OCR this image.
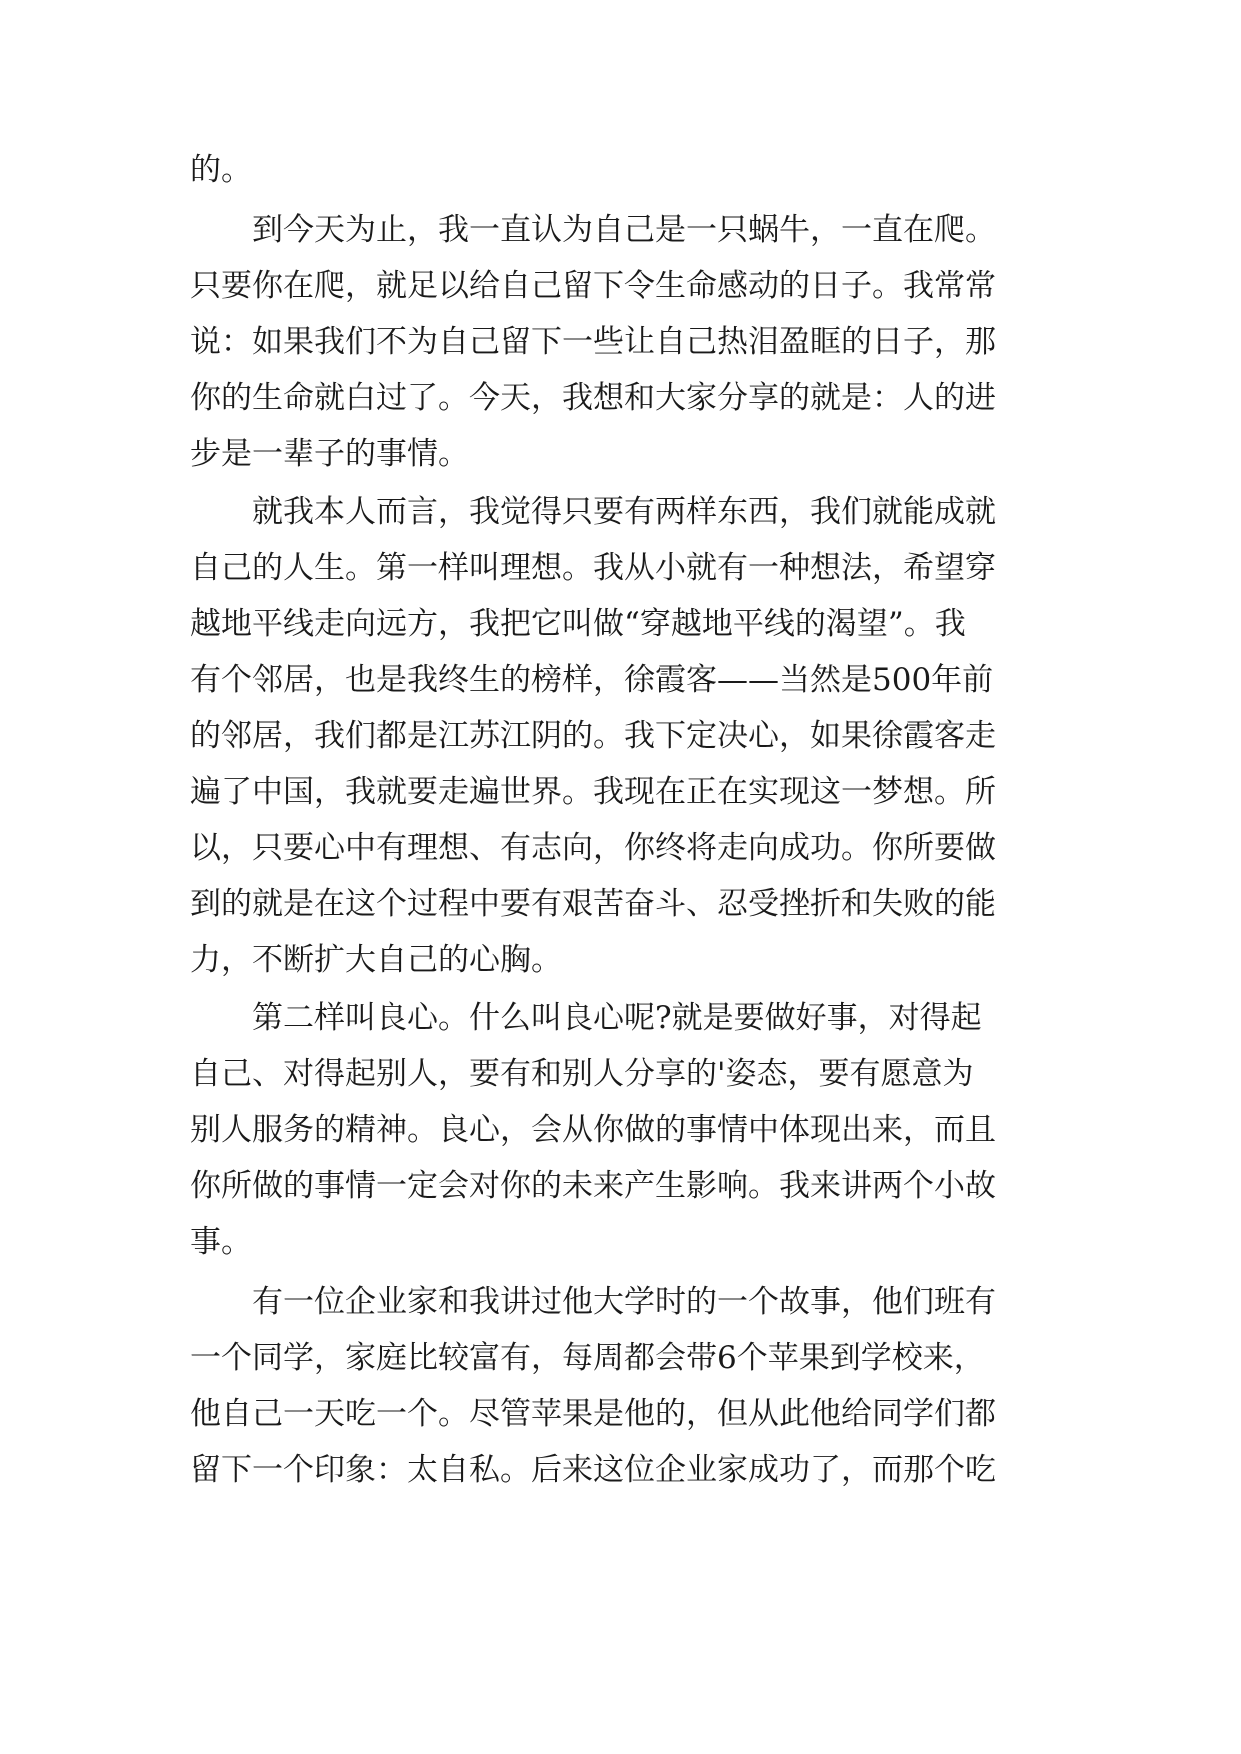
的。
到今天为止，我一直认为自己是一只蜗牛，一直在爬。
只要你在爬，就足以给自己留下令生命感动的日子。我常常
说：如果我们不为自己留下一些让自己热泪盈眶的日子，那
你的生命就白过了。今天，我想和大家分享的就是：人的进
步是一辈子的事情。
就我本人而言，我觉得只要有两样东西，我们就能成就
自己的人生。第一样叫理想。我从小就有一种想法，希望穿
越地平线走向远方，我把它叫做“穿越地平线的渴望”。我
有个邻居，也是我终生的榜样，徐霞客——当然是500年前
的邻居，我们都是江苏江阴的。我下定决心，如果徐霞客走
遍了中国，我就要走遍世界。我现在正在实现这一梦想。所
以，只要心中有理想、有志向，你终将走向成功。你所要做
到的就是在这个过程中要有艰苦奋斗、忍受挫折和失败的能
力，不断扩大自己的心胸。
第二样叫良心。什么叫良心呢?就是要做好事，对得起
自己、对得起别人，要有和别人分享的'姿态，要有愿意为
别人服务的精神。良心，会从你做的事情中体现出来，而且
你所做的事情一定会对你的未来产生影响。我来讲两个小故
事。
有一位企业家和我讲过他大学时的一个故事，他们班有
一个同学，家庭比较富有，每周都会带6个苹果到学校来，
他自己一天吃一个。尽管苹果是他的，但从此他给同学们都
留下一个印象：太自私。后来这位企业家成功了，而那个吃
